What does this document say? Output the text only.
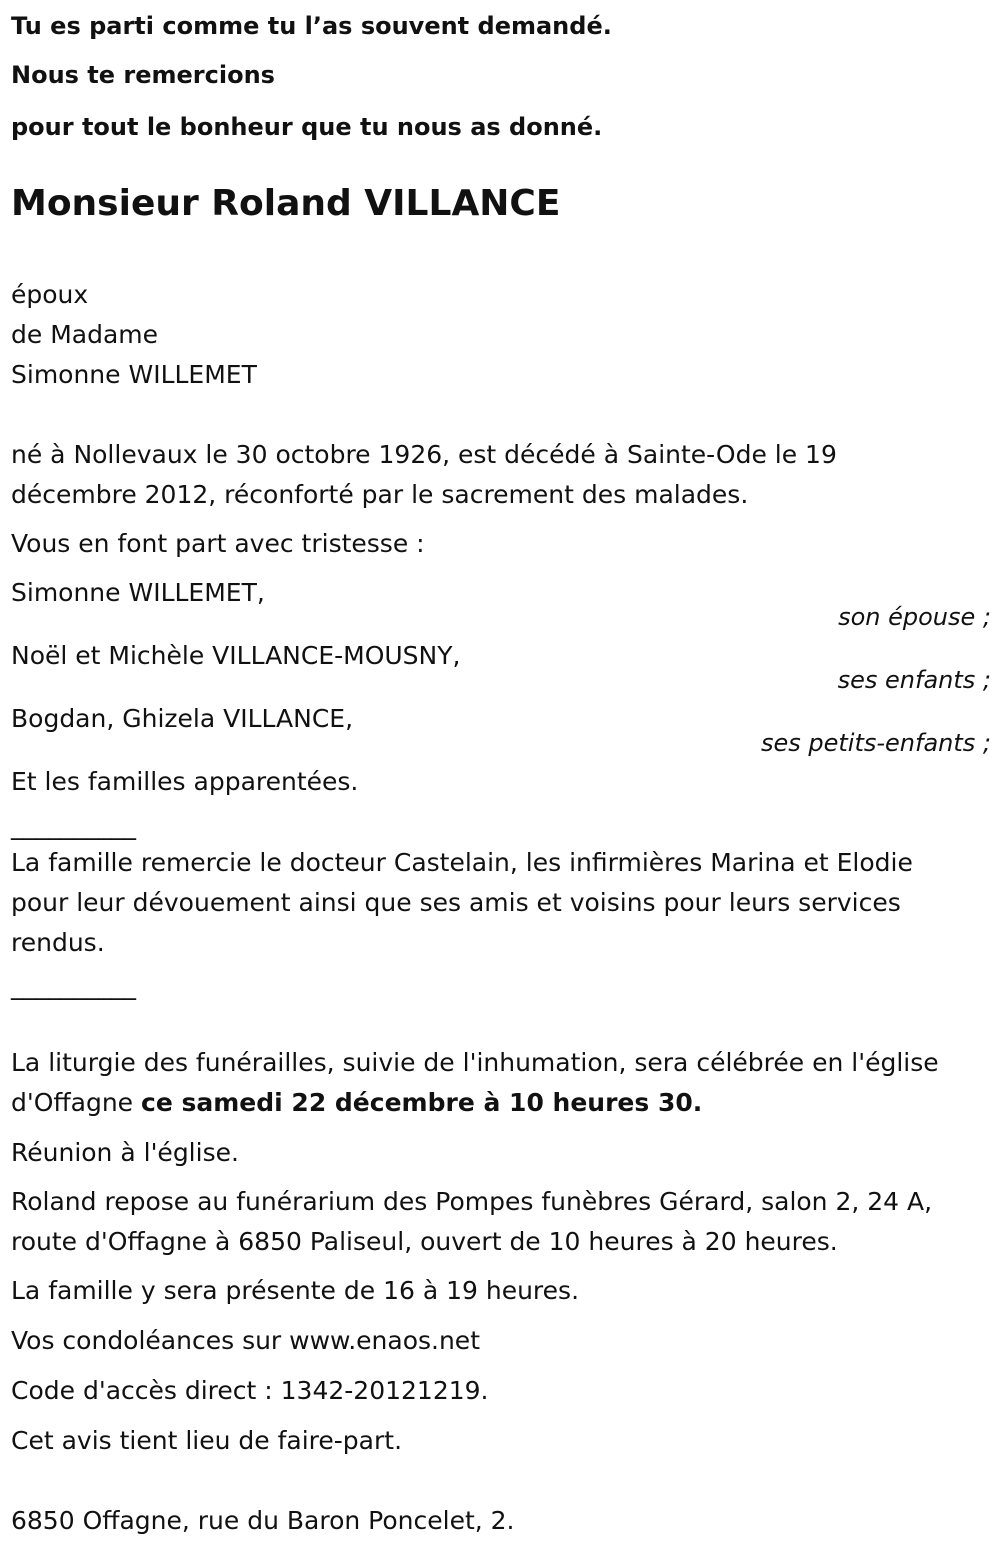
Tu es parti comme tu l’as souvent demandé.
Nous te remercions
pour tout le bonheur que tu nous as donné.
Monsieur Roland VILLANCE
époux
de Madame
Simonne WILLEMET
né à Nollevaux le 30 octobre 1926, est décédé à Sainte-Ode le 19
décembre 2012, réconforté par le sacrement des malades.
Vous en font part avec tristesse :
Simonne WILLEMET,
son épouse ;
Noël et Michèle VILLANCE-MOUSNY,
ses enfants ;
Bogdan, Ghizela VILLANCE,
ses petits-enfants ;
Et les familles apparentées.
__________
La famille remercie le docteur Castelain, les infirmières Marina et Elodie
pour leur dévouement ainsi que ses amis et voisins pour leurs services
rendus.
__________
La liturgie des funérailles, suivie de l'inhumation, sera célébrée en l'église
d'Offagne ce samedi 22 décembre à 10 heures 30.
Réunion à l'église.
Roland repose au funérarium des Pompes funèbres Gérard, salon 2, 24 A,
route d'Offagne à 6850 Paliseul, ouvert de 10 heures à 20 heures.
La famille y sera présente de 16 à 19 heures.
Vos condoléances sur www.enaos.net
Code d'accès direct : 1342-20121219.
Cet avis tient lieu de faire-part.
6850 Offagne, rue du Baron Poncelet, 2.
